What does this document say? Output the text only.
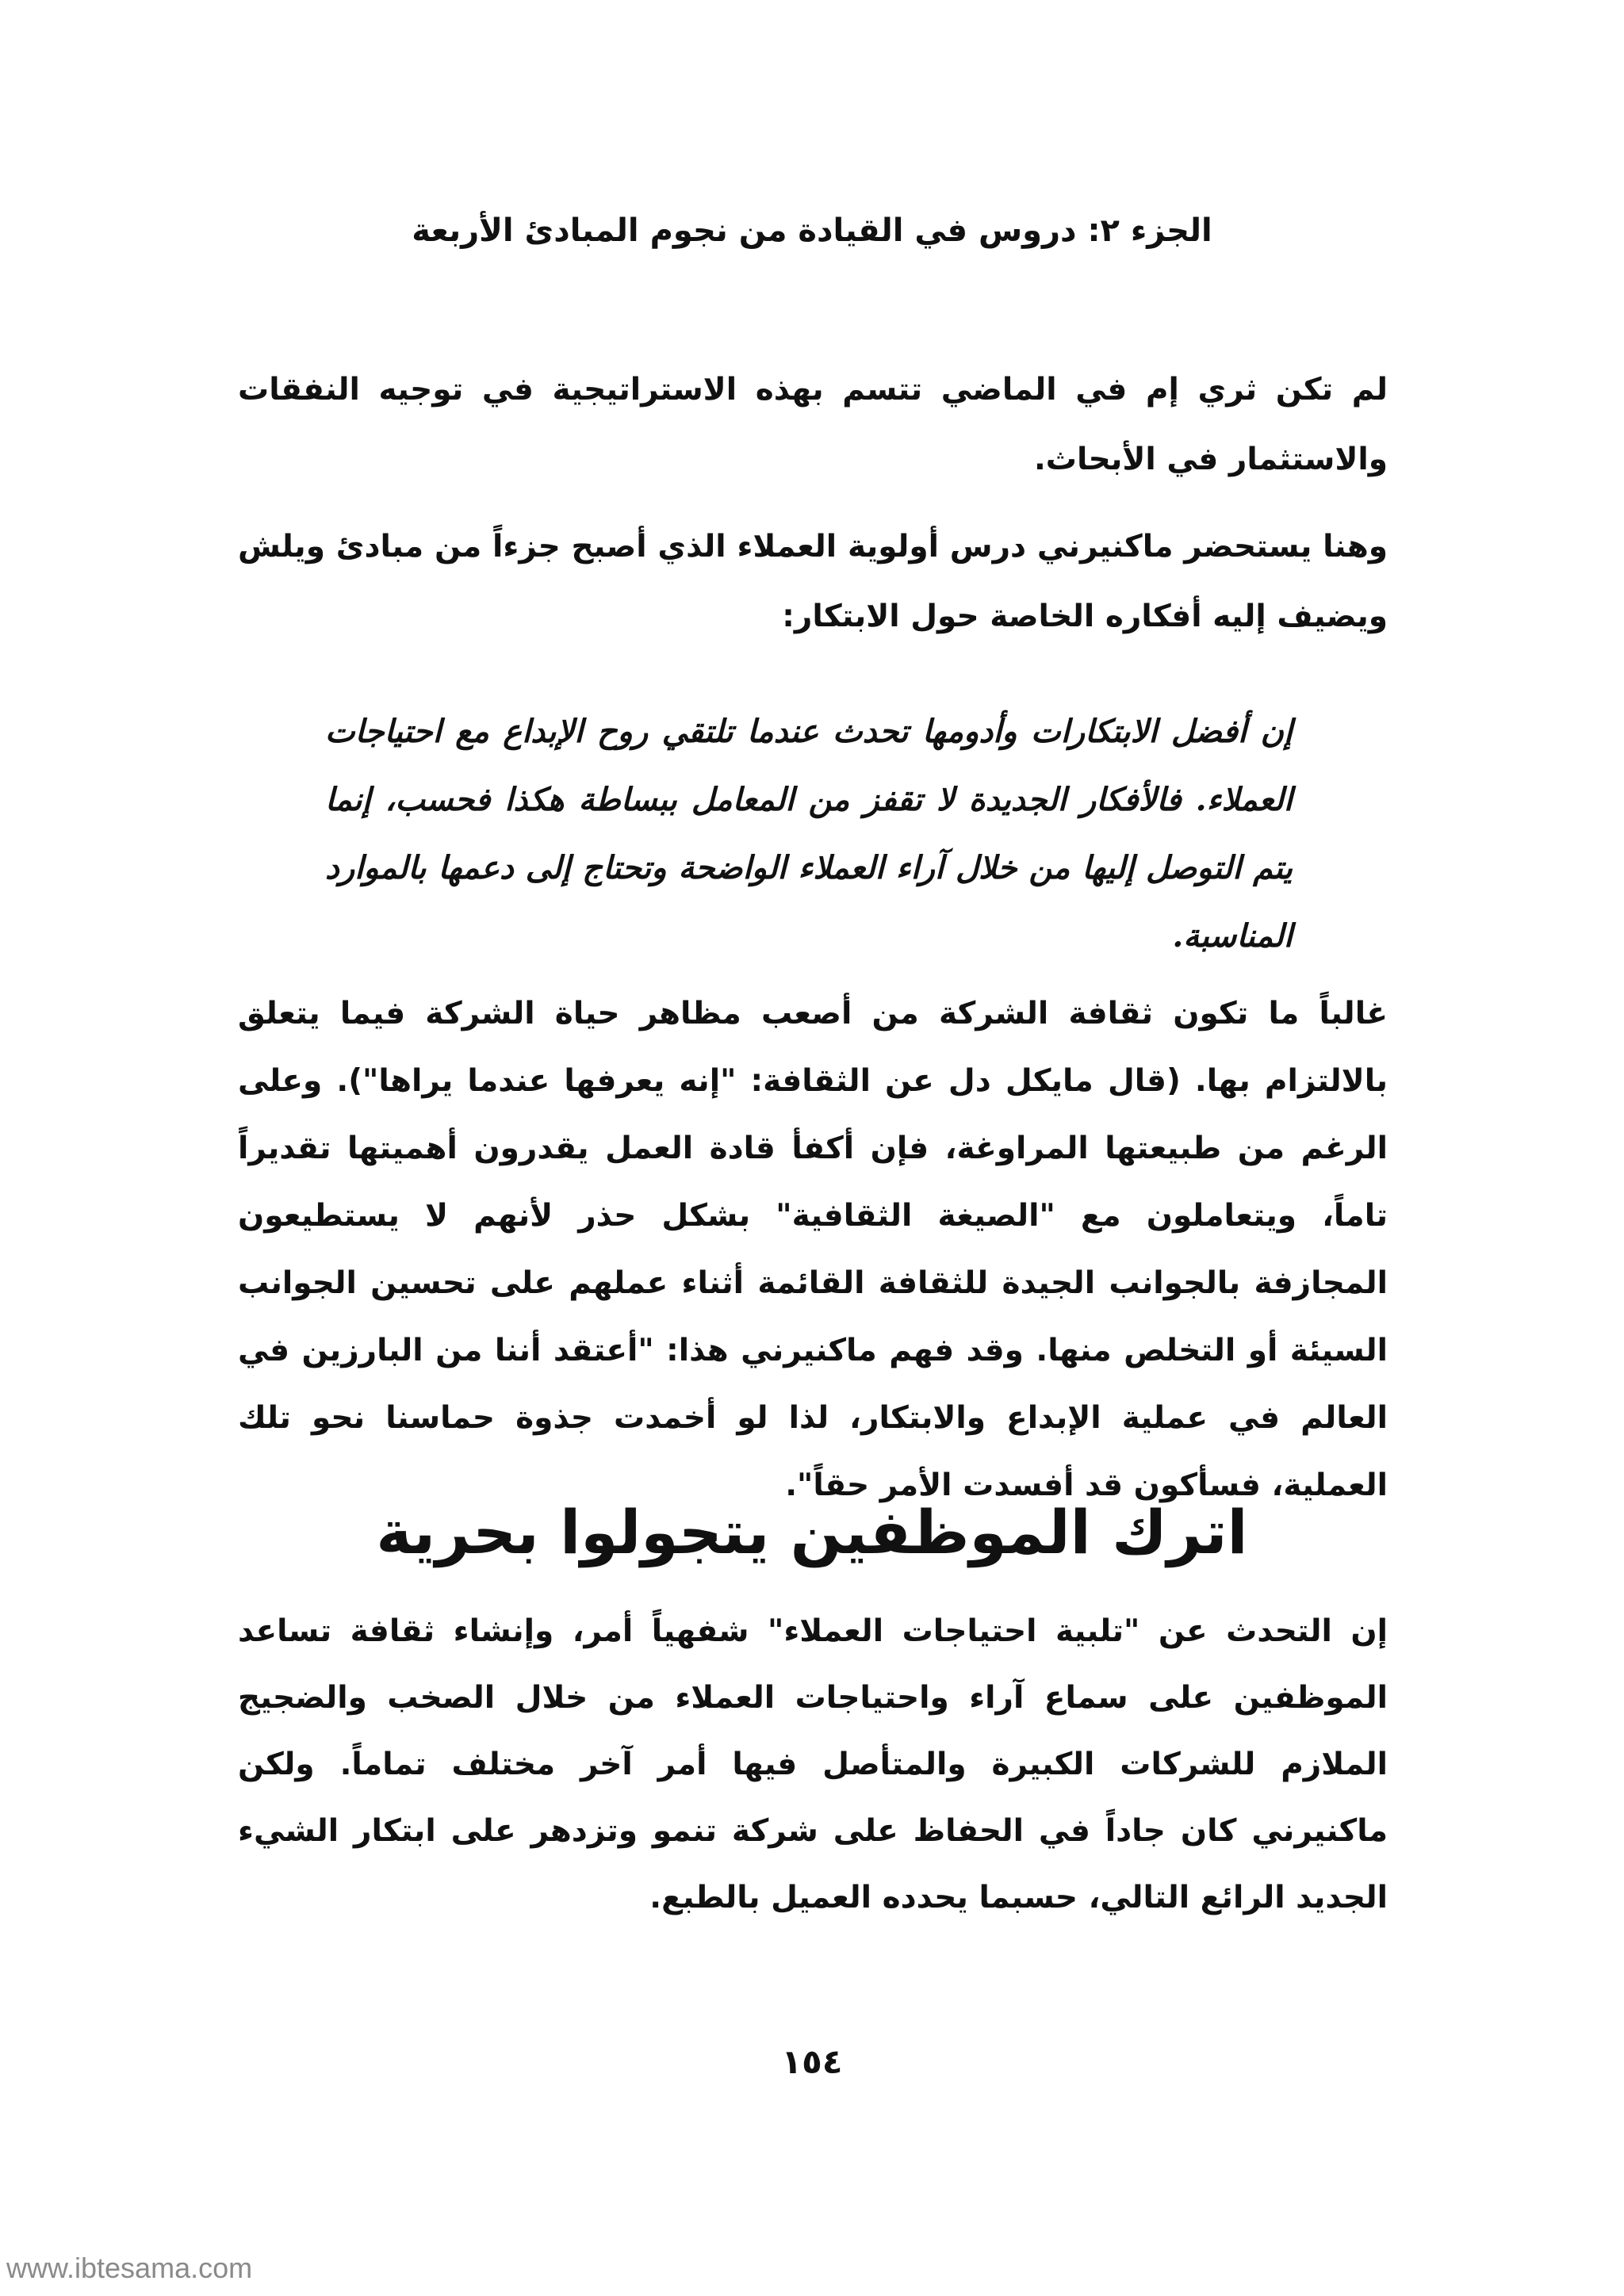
الجزء ٢: دروس في القيادة من نجوم المبادئ الأربعة

لم تكن ثري إم في الماضي تتسم بهذه الاستراتيجية في توجيه النفقات والاستثمار في الأبحاث.

وهنا يستحضر ماكنيرني درس أولوية العملاء الذي أصبح جزءاً من مبادئ ويلش ويضيف إليه أفكاره الخاصة حول الابتكار:

إن أفضل الابتكارات وأدومها تحدث عندما تلتقي روح الإبداع مع احتياجات العملاء. فالأفكار الجديدة لا تقفز من المعامل ببساطة هكذا فحسب، إنما يتم التوصل إليها من خلال آراء العملاء الواضحة وتحتاج إلى دعمها بالموارد المناسبة.

غالباً ما تكون ثقافة الشركة من أصعب مظاهر حياة الشركة فيما يتعلق بالالتزام بها. (قال مايكل دل عن الثقافة: "إنه يعرفها عندما يراها"). وعلى الرغم من طبيعتها المراوغة، فإن أكفأ قادة العمل يقدرون أهميتها تقديراً تاماً، ويتعاملون مع "الصيغة الثقافية" بشكل حذر لأنهم لا يستطيعون المجازفة بالجوانب الجيدة للثقافة القائمة أثناء عملهم على تحسين الجوانب السيئة أو التخلص منها. وقد فهم ماكنيرني هذا: "أعتقد أننا من البارزين في العالم في عملية الإبداع والابتكار، لذا لو أخمدت جذوة حماسنا نحو تلك العملية، فسأكون قد أفسدت الأمر حقاً".

اترك الموظفين يتجولوا بحرية

إن التحدث عن "تلبية احتياجات العملاء" شفهياً أمر، وإنشاء ثقافة تساعد الموظفين على سماع آراء واحتياجات العملاء من خلال الصخب والضجيج الملازم للشركات الكبيرة والمتأصل فيها أمر آخر مختلف تماماً. ولكن ماكنيرني كان جاداً في الحفاظ على شركة تنمو وتزدهر على ابتكار الشيء الجديد الرائع التالي، حسبما يحدده العميل بالطبع.

١٥٤
www.ibtesama.com
